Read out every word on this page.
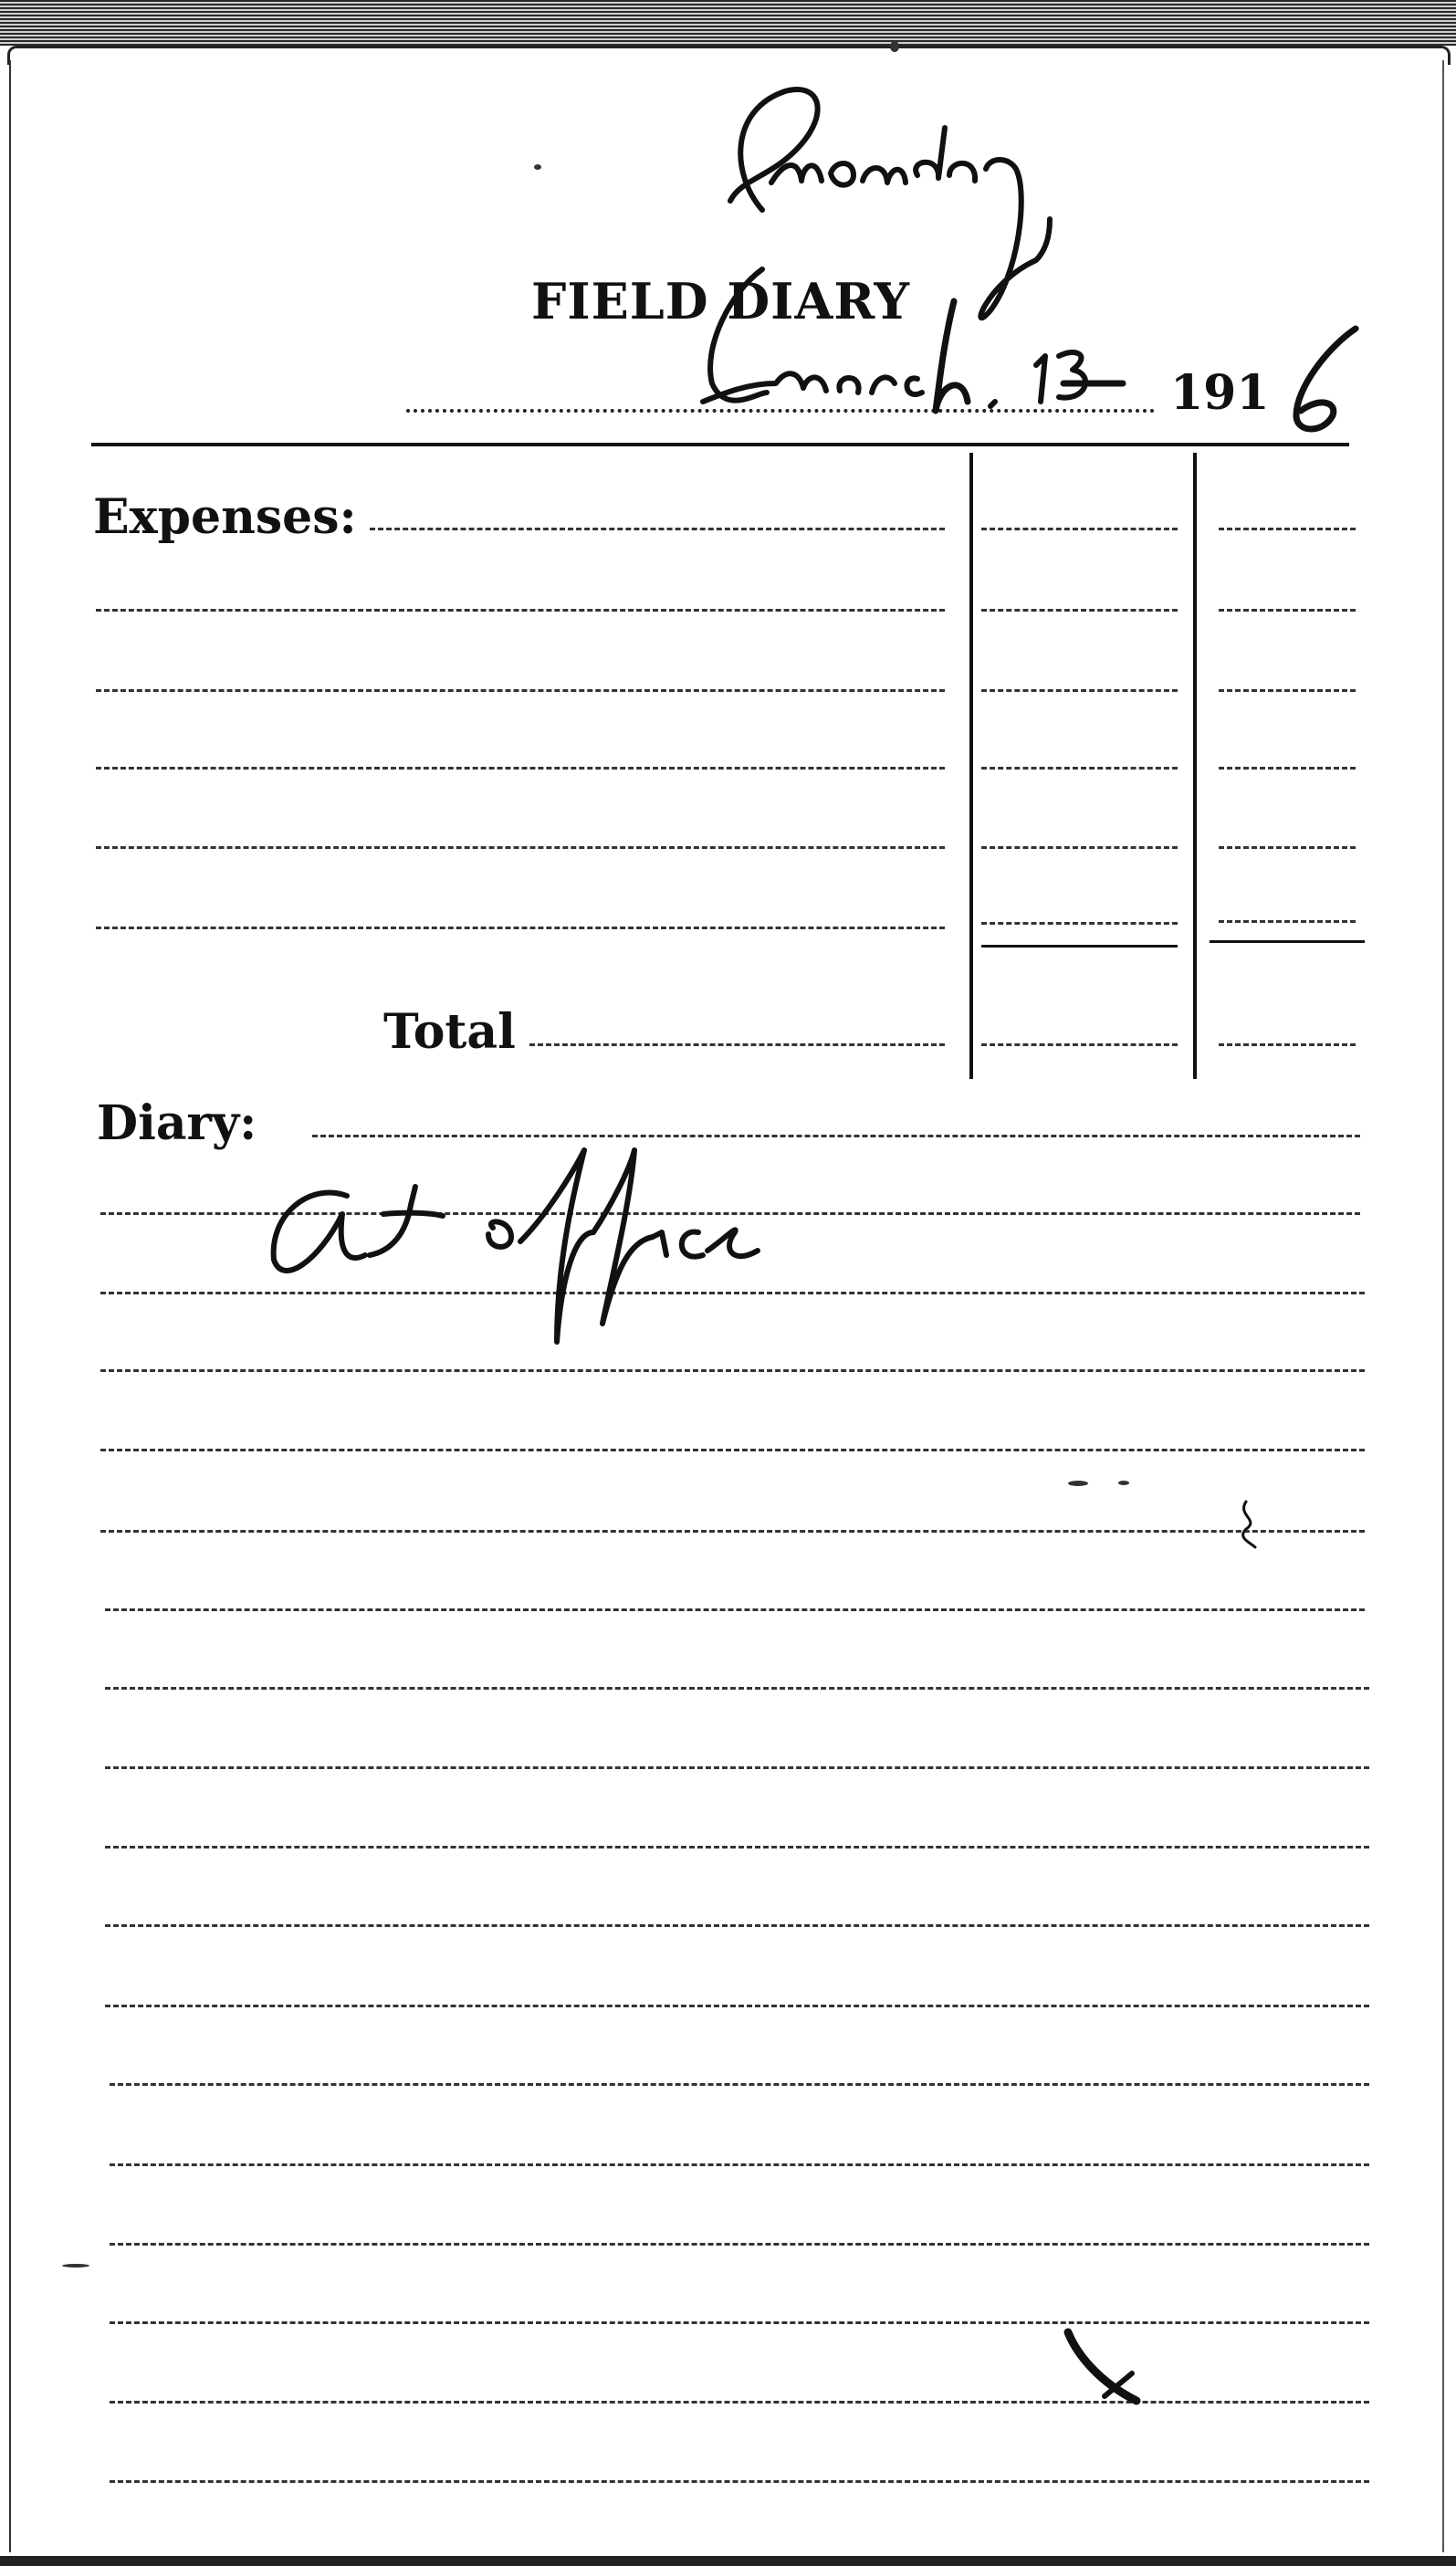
FIELD DIARY
191
Expenses:
Total
Diary:
